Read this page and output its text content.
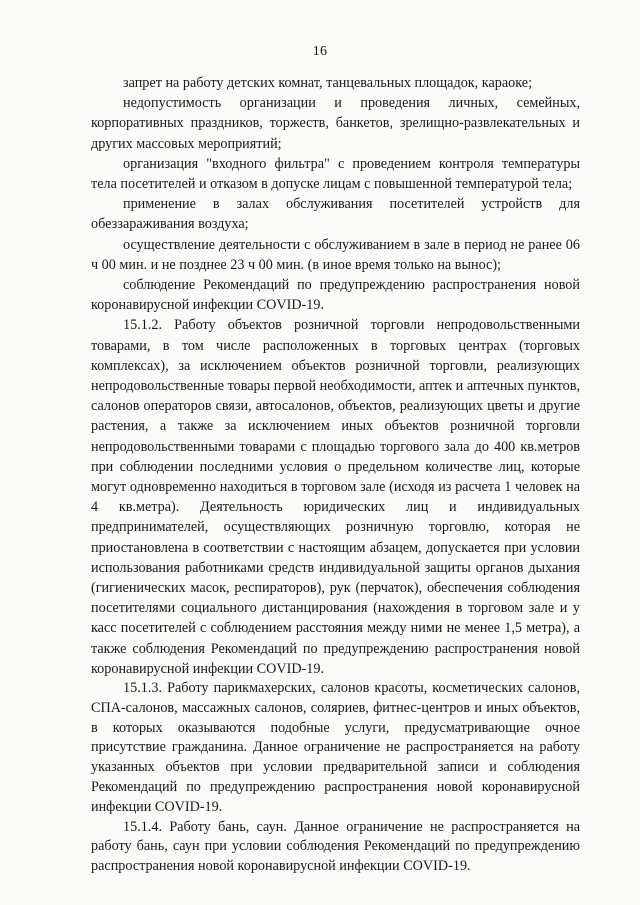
16

запрет на работу детских комнат, танцевальных площадок, караоке;

недопустимость организации и проведения личных, семейных, корпоративных праздников, торжеств, банкетов, зрелищно-развлекательных и других массовых мероприятий;

организация "входного фильтра" с проведением контроля температуры тела посетителей и отказом в допуске лицам с повышенной температурой тела;

применение в залах обслуживания посетителей устройств для обеззараживания воздуха;

осуществление деятельности с обслуживанием в зале в период не ранее 06 ч 00 мин. и не позднее 23 ч 00 мин. (в иное время только на вынос);

соблюдение Рекомендаций по предупреждению распространения новой коронавирусной инфекции COVID-19.

15.1.2. Работу объектов розничной торговли непродовольственными товарами, в том числе расположенных в торговых центрах (торговых комплексах), за исключением объектов розничной торговли, реализующих непродовольственные товары первой необходимости, аптек и аптечных пунктов, салонов операторов связи, автосалонов, объектов, реализующих цветы и другие растения, а также за исключением иных объектов розничной торговли непродовольственными товарами с площадью торгового зала до 400 кв.метров при соблюдении последними условия о предельном количестве лиц, которые могут одновременно находиться в торговом зале (исходя из расчета 1 человек на 4 кв.метра). Деятельность юридических лиц и индивидуальных предпринимателей, осуществляющих розничную торговлю, которая не приостановлена в соответствии с настоящим абзацем, допускается при условии использования работниками средств индивидуальной защиты органов дыхания (гигиенических масок, респираторов), рук (перчаток), обеспечения соблюдения посетителями социального дистанцирования (нахождения в торговом зале и у касс посетителей с соблюдением расстояния между ними не менее 1,5 метра), а также соблюдения Рекомендаций по предупреждению распространения новой коронавирусной инфекции COVID-19.

15.1.3. Работу парикмахерских, салонов красоты, косметических салонов, СПА-салонов, массажных салонов, соляриев, фитнес-центров и иных объектов, в которых оказываются подобные услуги, предусматривающие очное присутствие гражданина. Данное ограничение не распространяется на работу указанных объектов при условии предварительной записи и соблюдения Рекомендаций по предупреждению распространения новой коронавирусной инфекции COVID-19.

15.1.4. Работу бань, саун. Данное ограничение не распространяется на работу бань, саун при условии соблюдения Рекомендаций по предупреждению распространения новой коронавирусной инфекции COVID-19.
